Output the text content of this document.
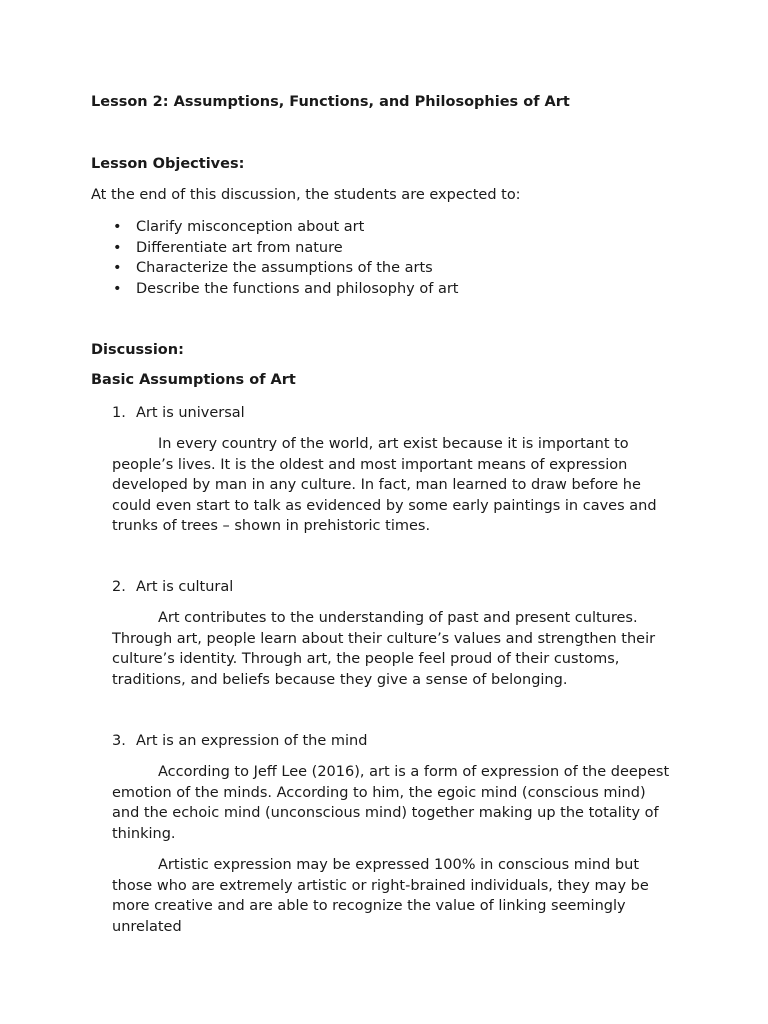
Lesson 2: Assumptions, Functions, and Philosophies of Art
Lesson Objectives:
At the end of this discussion, the students are expected to:
• Clarify misconception about art
• Differentiate art from nature
• Characterize the assumptions of the arts
• Describe the functions and philosophy of art
Discussion:
Basic Assumptions of Art
1. Art is universal

In every country of the world, art exist because it is important to people’s lives. It is the oldest and most important means of expression developed by man in any culture. In fact, man learned to draw before he could even start to talk as evidenced by some early paintings in caves and trunks of trees – shown in prehistoric times.

2. Art is cultural

Art contributes to the understanding of past and present cultures. Through art, people learn about their culture’s values and strengthen their culture’s identity. Through art, the people feel proud of their customs, traditions, and beliefs because they give a sense of belonging.

3. Art is an expression of the mind

According to Jeff Lee (2016), art is a form of expression of the deepest emotion of the minds. According to him, the egoic mind (conscious mind) and the echoic mind (unconscious mind) together making up the totality of thinking.

Artistic expression may be expressed 100% in conscious mind but those who are extremely artistic or right-brained individuals, they may be more creative and are able to recognize the value of linking seemingly unrelated
